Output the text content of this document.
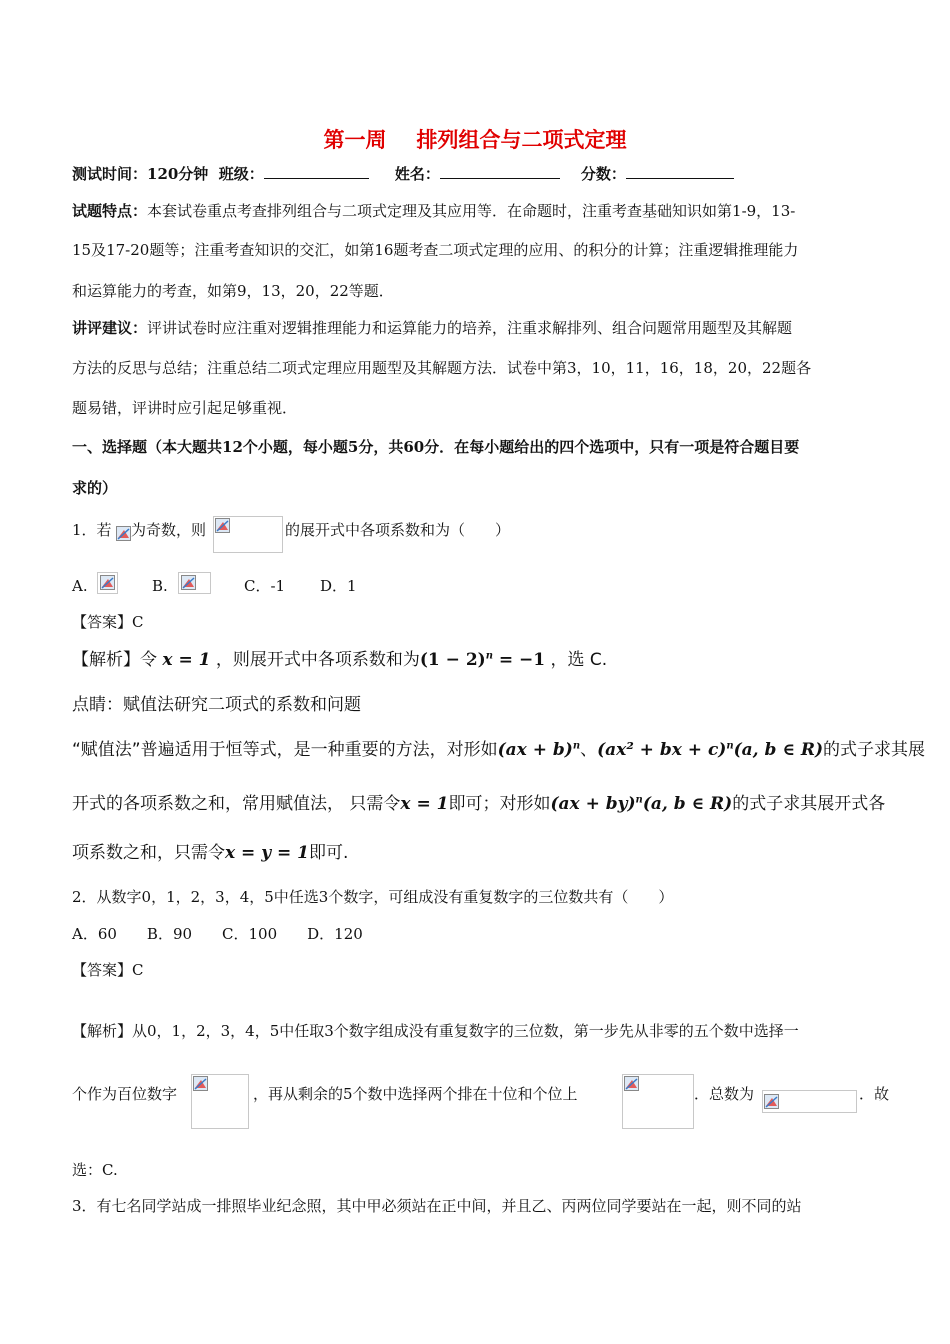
第一周 排列组合与二项式定理
测试时间：120分钟 班级：	姓名：	分数：
试题特点：本套试卷重点考查排列组合与二项式定理及其应用等．在命题时，注重考查基础知识如第1-9，13-
15及17-20题等；注重考查知识的交汇，如第16题考查二项式定理的应用、的积分的计算；注重逻辑推理能力
和运算能力的考查，如第9，13，20，22等题．
讲评建议：评讲试卷时应注重对逻辑推理能力和运算能力的培养，注重求解排列、组合问题常用题型及其解题
方法的反思与总结；注重总结二项式定理应用题型及其解题方法．试卷中第3，10，11，16，18，20，22题各
题易错，评讲时应引起足够重视．
一、选择题（本大题共12个小题，每小题5分，共60分．在每小题给出的四个选项中，只有一项是符合题目要
求的）
1．若 为奇数，则	的展开式中各项系数和为（　　）
A.	B.	C．-1 D．1
【答案】C
【解析】令 x = 1 ，则展开式中各项系数和为$(1 - 2)^n = -1$ ，选 C.
点睛：赋值法研究二项式的系数和问题
“赋值法”普遍适用于恒等式，是一种重要的方法，对形如(ax + b)$^n$、(ax² + bx + c)$^n$(a, b ∈ R)的式子求其展
开式的各项系数之和，常用赋值法， 只需令x = 1即可；对形如(ax + by)$^n$(a, b ∈ R)的式子求其展开式各
项系数之和，只需令x = y = 1即可.
2．从数字0，1，2，3，4，5中任选3个数字，可组成没有重复数字的三位数共有（　　）
A．60　　B．90　　C．100　　D．120
【答案】C
【解析】从0，1，2，3，4，5中任取3个数字组成没有重复数字的三位数，第一步先从非零的五个数中选择一
个作为百位数字	，再从剩余的5个数中选择两个排在十位和个位上	．总数为	．故
选：C.
3．有七名同学站成一排照毕业纪念照，其中甲必须站在正中间，并且乙、丙两位同学要站在一起，则不同的站
